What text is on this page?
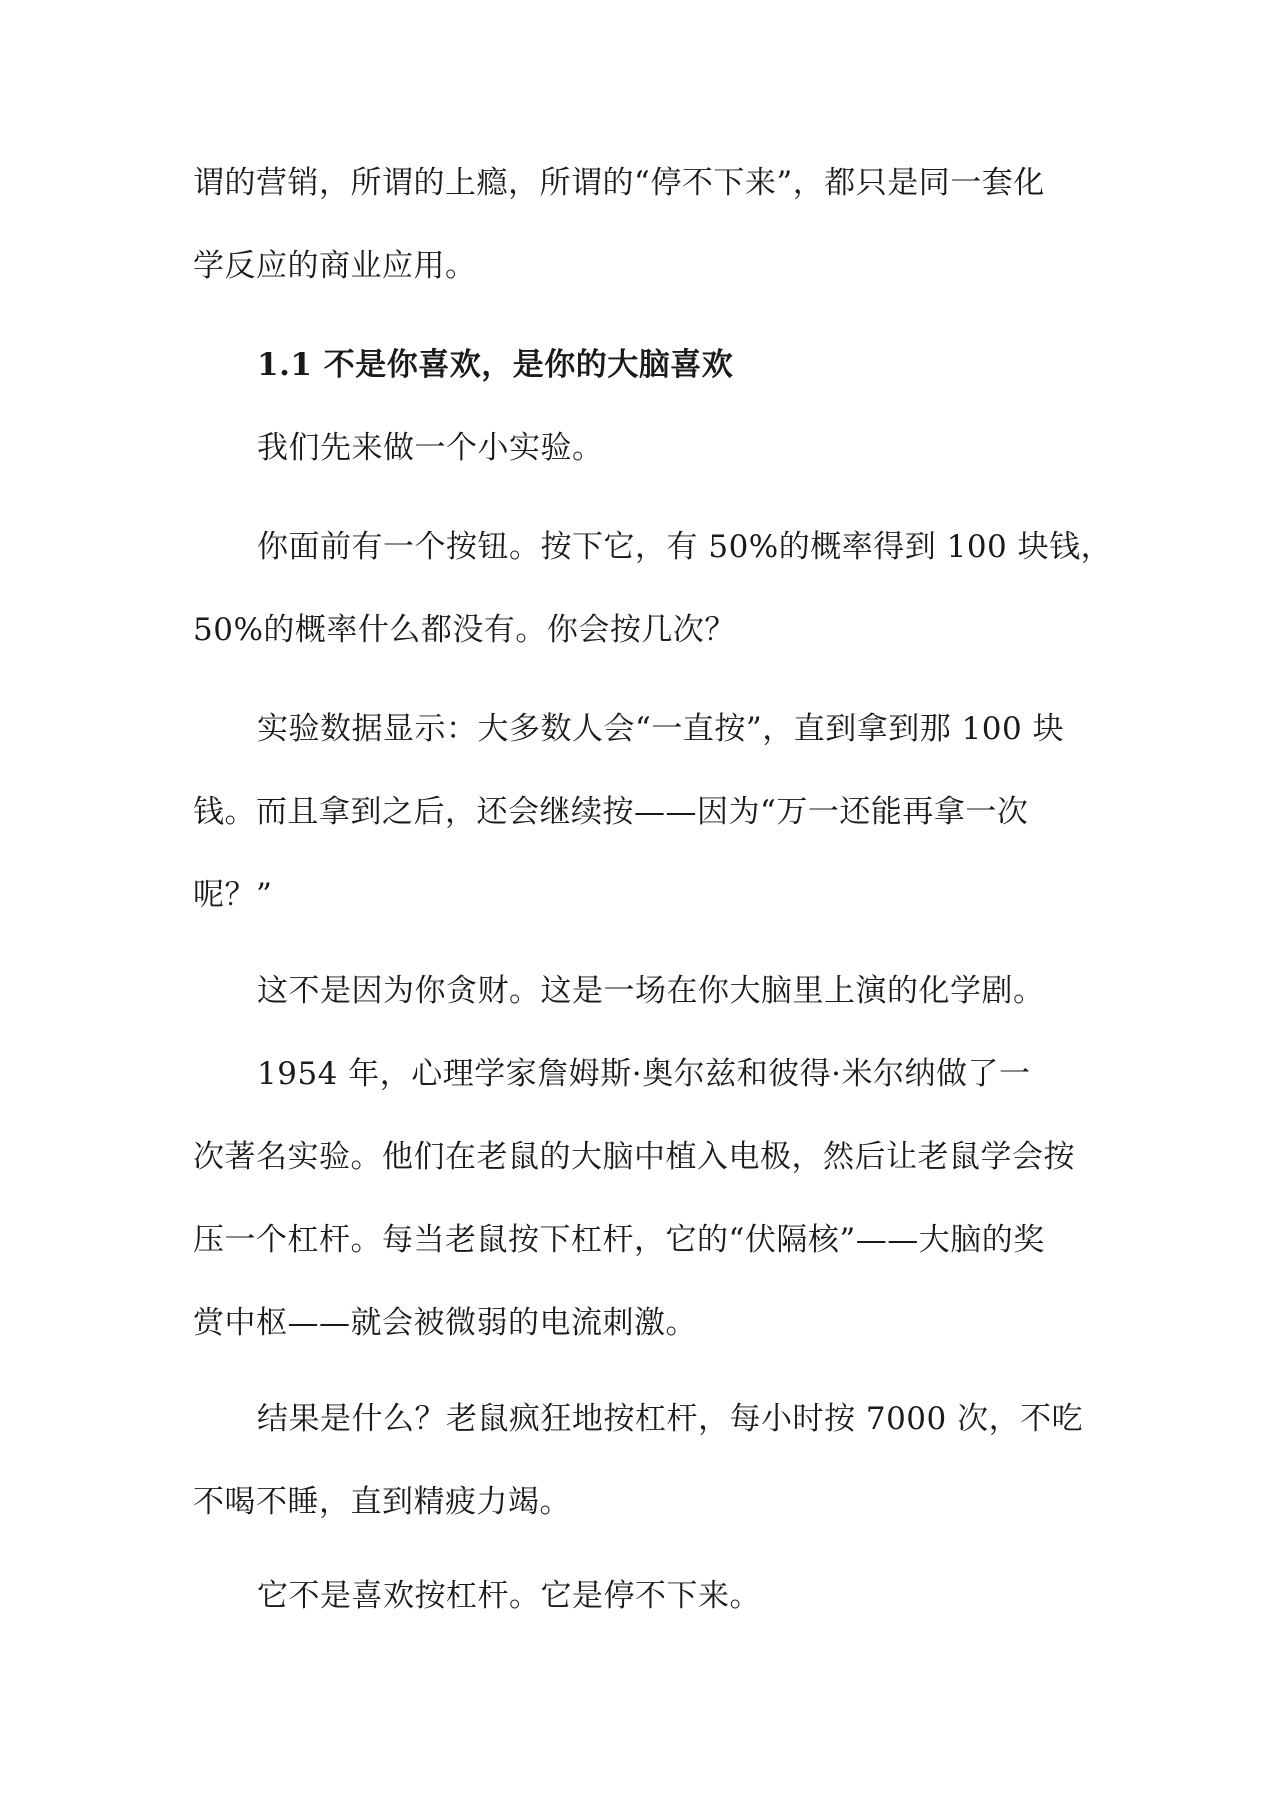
谓的营销，所谓的上瘾，所谓的“停不下来”，都只是同一套化
学反应的商业应用。
1.1 不是你喜欢，是你的大脑喜欢
我们先来做一个小实验。
你面前有一个按钮。按下它，有 50%的概率得到 100 块钱，
50%的概率什么都没有。你会按几次？
实验数据显示：大多数人会“一直按”，直到拿到那 100 块
钱。而且拿到之后，还会继续按——因为“万一还能再拿一次
呢？”
这不是因为你贪财。这是一场在你大脑里上演的化学剧。
1954 年，心理学家詹姆斯·奥尔兹和彼得·米尔纳做了一
次著名实验。他们在老鼠的大脑中植入电极，然后让老鼠学会按
压一个杠杆。每当老鼠按下杠杆，它的“伏隔核”——大脑的奖
赏中枢——就会被微弱的电流刺激。
结果是什么？老鼠疯狂地按杠杆，每小时按 7000 次，不吃
不喝不睡，直到精疲力竭。
它不是喜欢按杠杆。它是停不下来。
